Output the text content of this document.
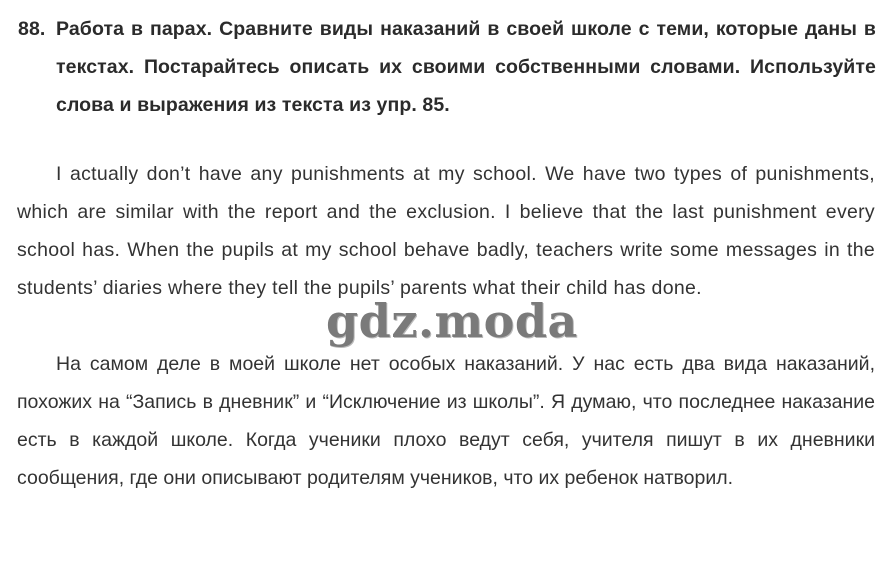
88. Работа в парах. Сравните виды наказаний в своей школе с теми, которые даны в текстах. Постарайтесь описать их своими собственными словами. Используйте слова и выражения из текста из упр. 85.

I actually don’t have any punishments at my school. We have two types of punishments, which are similar with the report and the exclusion. I believe that the last punishment every school has. When the pupils at my school behave badly, teachers write some messages in the students’ diaries where they tell the pupils’ parents what their child has done.

На самом деле в моей школе нет особых наказаний. У нас есть два вида наказаний, похожих на “Запись в дневник” и “Исключение из школы”. Я думаю, что последнее наказание есть в каждой школе. Когда ученики плохо ведут себя, учителя пишут в их дневники сообщения, где они описывают родителям учеников, что их ребенок натворил.

gdz.moda
